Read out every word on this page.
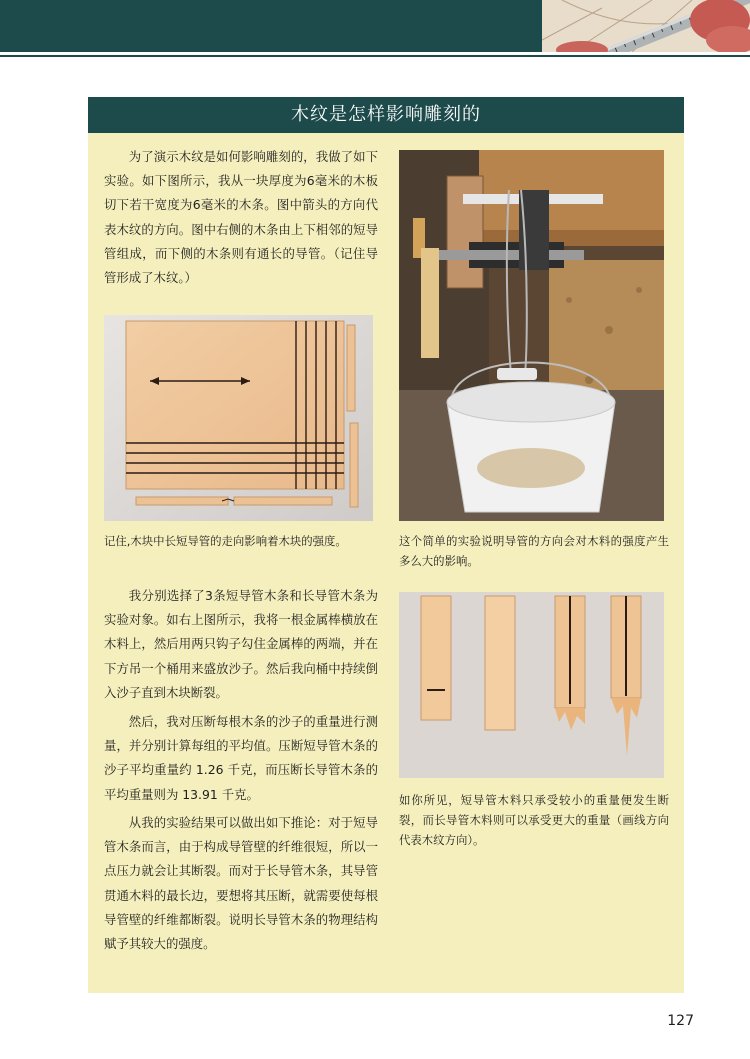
木纹是怎样影响雕刻的

为了演示木纹是如何影响雕刻的，我做了如下实验。如下图所示，我从一块厚度为6毫米的木板切下若干宽度为6毫米的木条。图中箭头的方向代表木纹的方向。图中右侧的木条由上下相邻的短导管组成，而下侧的木条则有通长的导管。（记住导管形成了木纹。）

记住,木块中长短导管的走向影响着木块的强度。	这个简单的实验说明导管的方向会对木料的强度产生多么大的影响。

我分别选择了3条短导管木条和长导管木条为实验对象。如右上图所示，我将一根金属棒横放在木料上，然后用两只钩子勾住金属棒的两端，并在下方吊一个桶用来盛放沙子。然后我向桶中持续倒入沙子直到木块断裂。

然后，我对压断每根木条的沙子的重量进行测量，并分别计算每组的平均值。压断短导管木条的沙子平均重量约 1.26 千克，而压断长导管木条的平均重量则为 13.91 千克。

从我的实验结果可以做出如下推论：对于短导管木条而言，由于构成导管壁的纤维很短，所以一点压力就会让其断裂。而对于长导管木条，其导管贯通木料的最长边，要想将其压断，就需要使每根导管壁的纤维都断裂。说明长导管木条的物理结构赋予其较大的强度。

如你所见，短导管木料只承受较小的重量便发生断裂，而长导管木料则可以承受更大的重量（画线方向代表木纹方向）。

127
